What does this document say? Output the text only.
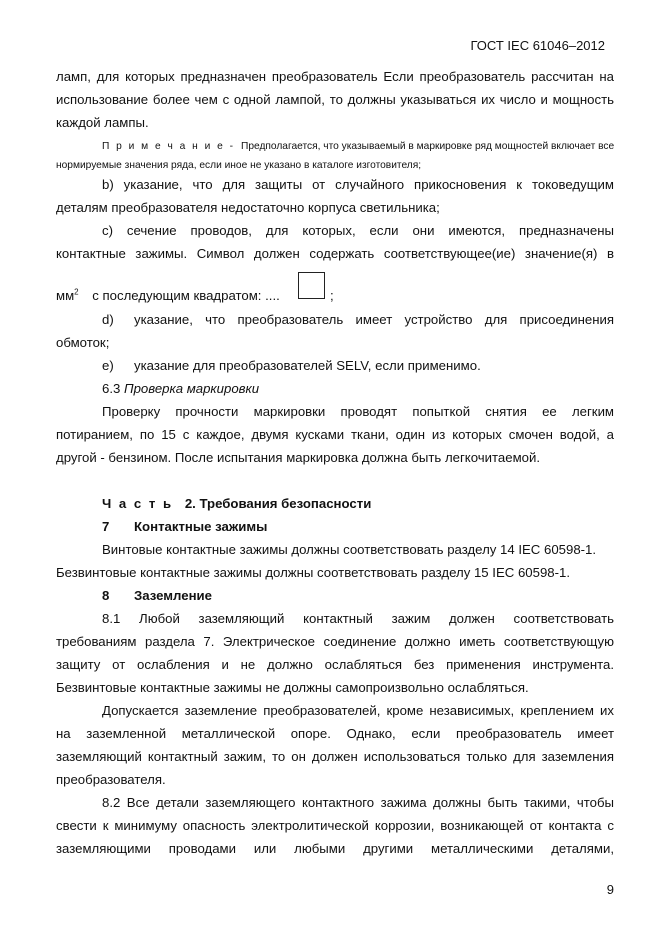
ГОСТ IEC 61046–2012
ламп, для которых предназначен преобразователь Если преобразователь рассчитан на
использование более чем с одной лампой, то должны указываться их число и мощность
каждой лампы.
П р и м е ч а н и е - Предполагается, что указываемый в маркировке ряд мощностей включает все
нормируемые значения ряда, если иное не указано в каталоге изготовителя;
b) указание, что для защиты от случайного прикосновения к токоведущим
деталям преобразователя недостаточно корпуса светильника;
c) сечение проводов, для которых, если они имеются, предназначены
контактные зажимы. Символ должен содержать соответствующее(ие) значение(я) в
$мм^2$ с последующим квадратом: ....	;
d)	указание, что преобразователь имеет устройство для присоединения
обмоток;
e)	указание для преобразователей SELV, если применимо.
6.3 Проверка маркировки
Проверку прочности маркировки проводят попыткой снятия ее легким
потиранием, по 15 с каждое, двумя кусками ткани, один из которых смочен водой, а
другой - бензином. После испытания маркировка должна быть легкочитаемой.
Ч а с т ь 2. Требования безопасности
7	Контактные зажимы
Винтовые контактные зажимы должны соответствовать разделу 14 IEC 60598-1.
Безвинтовые контактные зажимы должны соответствовать разделу 15 IEC 60598-1.
8	Заземление
8.1 Любой заземляющий контактный зажим должен соответствовать
требованиям раздела 7. Электрическое соединение должно иметь соответствующую
защиту от ослабления и не должно ослабляться без применения инструмента.
Безвинтовые контактные зажимы не должны самопроизвольно ослабляться.
Допускается заземление преобразователей, кроме независимых, креплением их
на заземленной металлической опоре. Однако, если преобразователь имеет
заземляющий контактный зажим, то он должен использоваться только для заземления
преобразователя.
8.2 Все детали заземляющего контактного зажима должны быть такими, чтобы
свести к минимуму опасность электролитической коррозии, возникающей от контакта с
заземляющими проводами или любыми другими металлическими деталями,
9
